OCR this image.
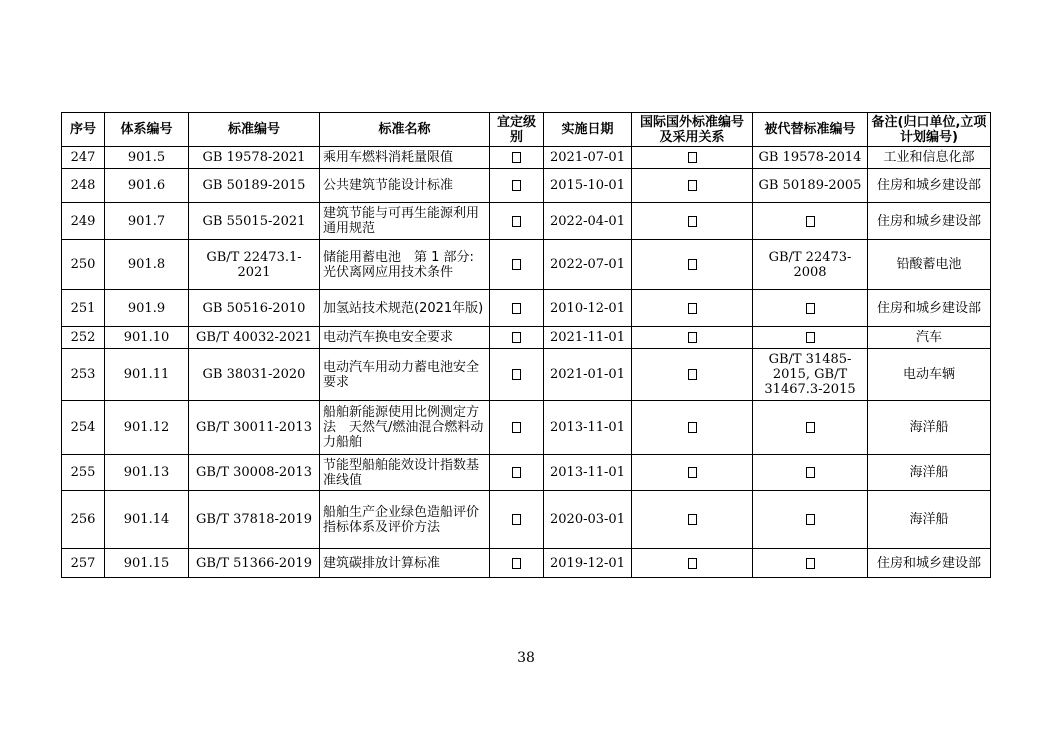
序号	体系编号	标准编号	标准名称	宜定级别	实施日期	国际国外标准编号及采用关系	被代替标准编号	备注(归口单位,立项计划编号)
247	901.5	GB 19578-2021	乘用车燃料消耗量限值		2021-07-01		GB 19578-2014	工业和信息化部
248	901.6	GB 50189-2015	公共建筑节能设计标准		2015-10-01		GB 50189-2005	住房和城乡建设部
249	901.7	GB 55015-2021	建筑节能与可再生能源利用通用规范		2022-04-01			住房和城乡建设部
250	901.8	GB/T 22473.1-2021	储能用蓄电池　第 1 部分:光伏离网应用技术条件		2022-07-01		GB/T 22473-2008	铅酸蓄电池
251	901.9	GB 50516-2010	加氢站技术规范(2021年版)		2010-12-01			住房和城乡建设部
252	901.10	GB/T 40032-2021	电动汽车换电安全要求		2021-11-01			汽车
253	901.11	GB 38031-2020	电动汽车用动力蓄电池安全要求		2021-01-01		GB/T 31485-2015, GB/T 31467.3-2015	电动车辆
254	901.12	GB/T 30011-2013	船舶新能源使用比例测定方法　天然气/燃油混合燃料动力船舶		2013-11-01			海洋船
255	901.13	GB/T 30008-2013	节能型船舶能效设计指数基准线值		2013-11-01			海洋船
256	901.14	GB/T 37818-2019	船舶生产企业绿色造船评价指标体系及评价方法		2020-03-01			海洋船
257	901.15	GB/T 51366-2019	建筑碳排放计算标准		2019-12-01			住房和城乡建设部
38
